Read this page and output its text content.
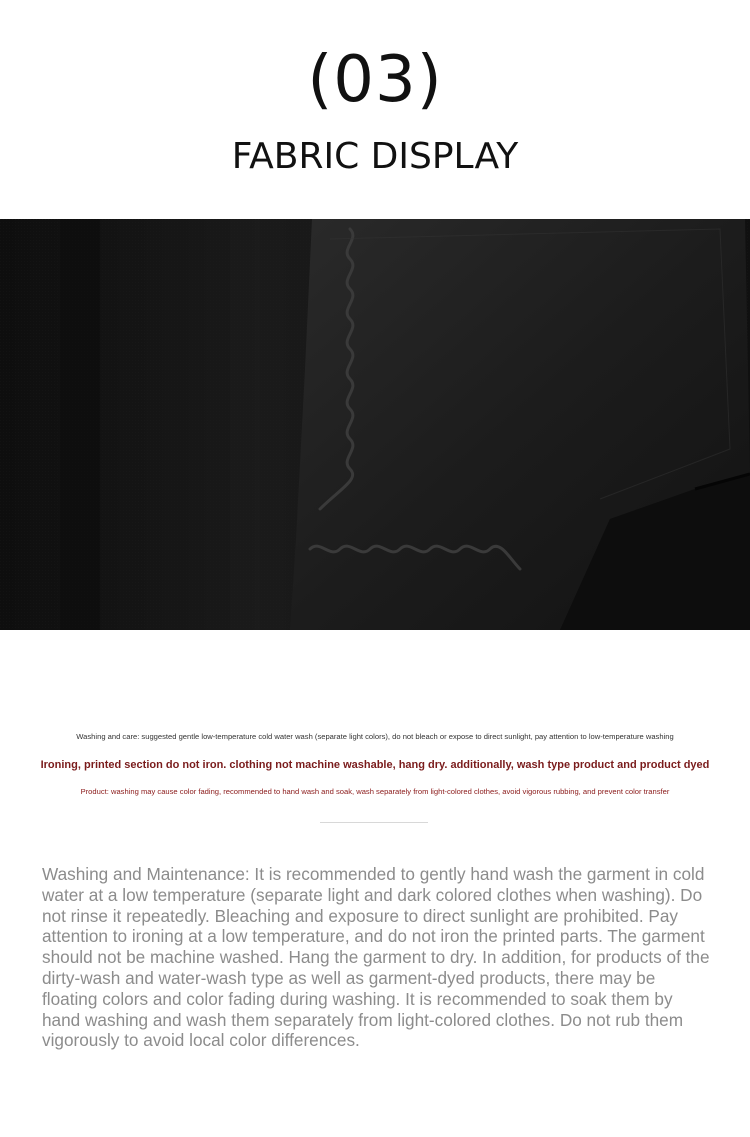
(03)
FABRIC DISPLAY
Washing and care: suggested gentle low-temperature cold water wash (separate light colors), do not bleach or expose to direct sunlight, pay attention to low-temperature washing
Ironing, printed section do not iron. clothing not machine washable, hang dry. additionally, wash type product and product dyed
Product: washing may cause color fading, recommended to hand wash and soak, wash separately from light-colored clothes, avoid vigorous rubbing, and prevent color transfer

Washing and Maintenance: It is recommended to gently hand wash the garment in cold water at a low temperature (separate light and dark colored clothes when washing). Do not rinse it repeatedly. Bleaching and exposure to direct sunlight are prohibited. Pay attention to ironing at a low temperature, and do not iron the printed parts. The garment should not be machine washed. Hang the garment to dry. In addition, for products of the dirty-wash and water-wash type as well as garment-dyed products, there may be floating colors and color fading during washing. It is recommended to soak them by hand washing and wash them separately from light-colored clothes. Do not rub them vigorously to avoid local color differences.
